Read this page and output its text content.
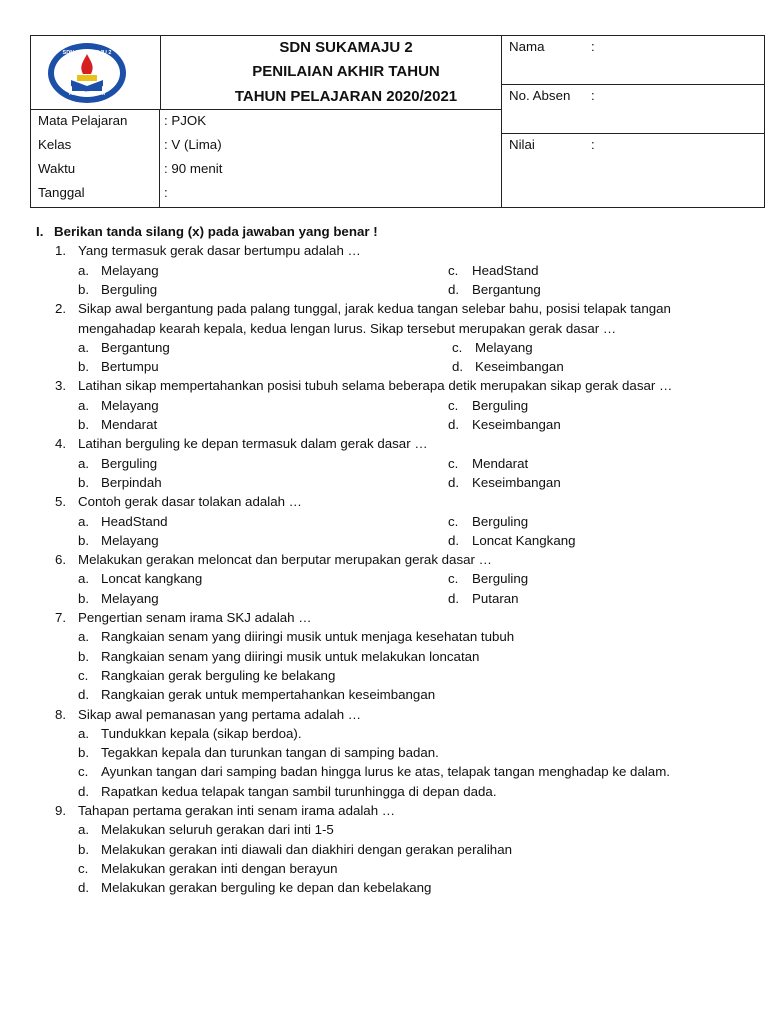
KOTA CIMAHI
SDN SUKAMAJU 2	SDN SUKAMAJU 2
PENILAIAN AKHIR TAHUN
TAHUN PELAJARAN 2020/2021
Mata Pelajaran	: PJOK
Kelas	: V (Lima)
Waktu	: 90 menit
Tanggal	:
Nama	:
No. Absen :
Nilai	:
I. Berikan tanda silang (x) pada jawaban yang benar !
1. Yang termasuk gerak dasar bertumpu adalah …
a. Melayang	c. HeadStand
b. Berguling	d. Bergantung
2. Sikap awal bergantung pada palang tunggal, jarak kedua tangan selebar bahu, posisi telapak tangan
mengahadap kearah kepala, kedua lengan lurus. Sikap tersebut merupakan gerak dasar …
a. Bergantung	c. Melayang
b. Bertumpu	d. Keseimbangan
3. Latihan sikap mempertahankan posisi tubuh selama beberapa detik merupakan sikap gerak dasar …
a. Melayang	c. Berguling
b. Mendarat	d. Keseimbangan
4. Latihan berguling ke depan termasuk dalam gerak dasar …
a. Berguling	c. Mendarat
b. Berpindah	d. Keseimbangan
5. Contoh gerak dasar tolakan adalah …
a. HeadStand	c. Berguling
b. Melayang	d. Loncat Kangkang
6. Melakukan gerakan meloncat dan berputar merupakan gerak dasar …
a. Loncat kangkang	c. Berguling
b. Melayang	d. Putaran
7. Pengertian senam irama SKJ adalah …
a. Rangkaian senam yang diiringi musik untuk menjaga kesehatan tubuh
b. Rangkaian senam yang diiringi musik untuk melakukan loncatan
c. Rangkaian gerak berguling ke belakang
d. Rangkaian gerak untuk mempertahankan keseimbangan
8. Sikap awal pemanasan yang pertama adalah …
a. Tundukkan kepala (sikap berdoa).
b. Tegakkan kepala dan turunkan tangan di samping badan.
c. Ayunkan tangan dari samping badan hingga lurus ke atas, telapak tangan menghadap ke dalam.
d. Rapatkan kedua telapak tangan sambil turunhingga di depan dada.
9. Tahapan pertama gerakan inti senam irama adalah …
a. Melakukan seluruh gerakan dari inti 1-5
b. Melakukan gerakan inti diawali dan diakhiri dengan gerakan peralihan
c. Melakukan gerakan inti dengan berayun
d. Melakukan gerakan berguling ke depan dan kebelakang
